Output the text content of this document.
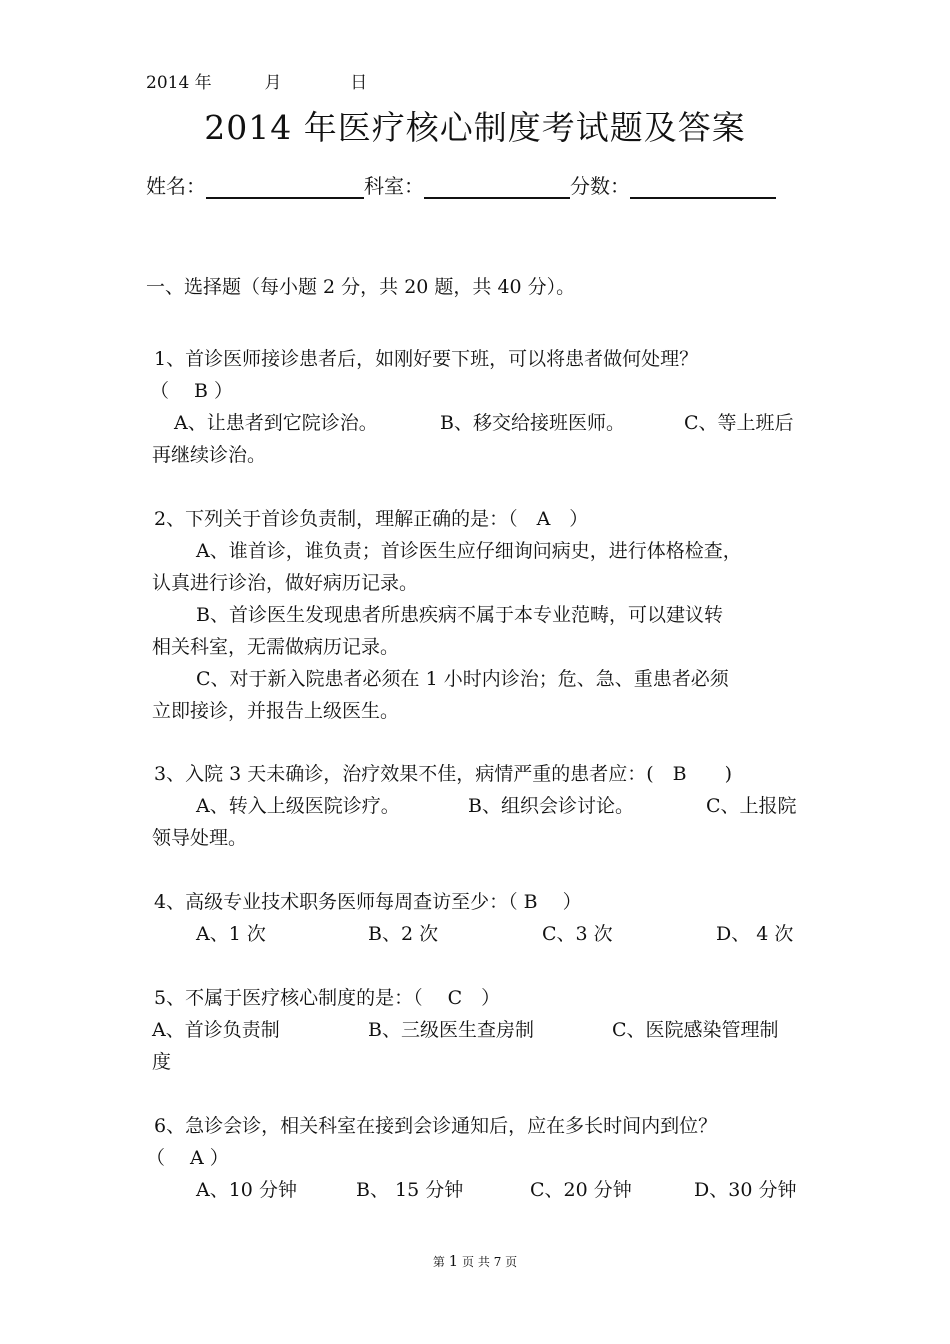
2014 年	月	日
2014 年医疗核心制度考试题及答案
姓名：	科室：	分数：
一、选择题（每小题 2 分，共 20 题，共 40 分）。
1、首诊医师接诊患者后，如刚好要下班，可以将患者做何处理？
（　 B ）
A、让患者到它院诊治。	B、移交给接班医师。	C、等上班后
再继续诊治。
2、下列关于首诊负责制，理解正确的是：（　A　）
A、谁首诊，谁负责；首诊医生应仔细询问病史，进行体格检查，
认真进行诊治，做好病历记录。
B、首诊医生发现患者所患疾病不属于本专业范畴，可以建议转
相关科室，无需做病历记录。
C、对于新入院患者必须在 1 小时内诊治；危、急、重患者必须
立即接诊，并报告上级医生。
3、入院 3 天未确诊，治疗效果不佳，病情严重的患者应：(　B　　)
A、转入上级医院诊疗。	B、组织会诊讨论。	C、上报院
领导处理。
4、高级专业技术职务医师每周查访至少：（ B　 ）
A、1 次	B、2 次	C、3 次	D、 4 次
5、不属于医疗核心制度的是：（　 C　）
A、首诊负责制	B、三级医生查房制	C、医院感染管理制
度
6、急诊会诊，相关科室在接到会诊通知后，应在多长时间内到位？
（　 A ）
A、10 分钟	B、 15 分钟	C、20 分钟	D、30 分钟
第 1 页 共 7 页
